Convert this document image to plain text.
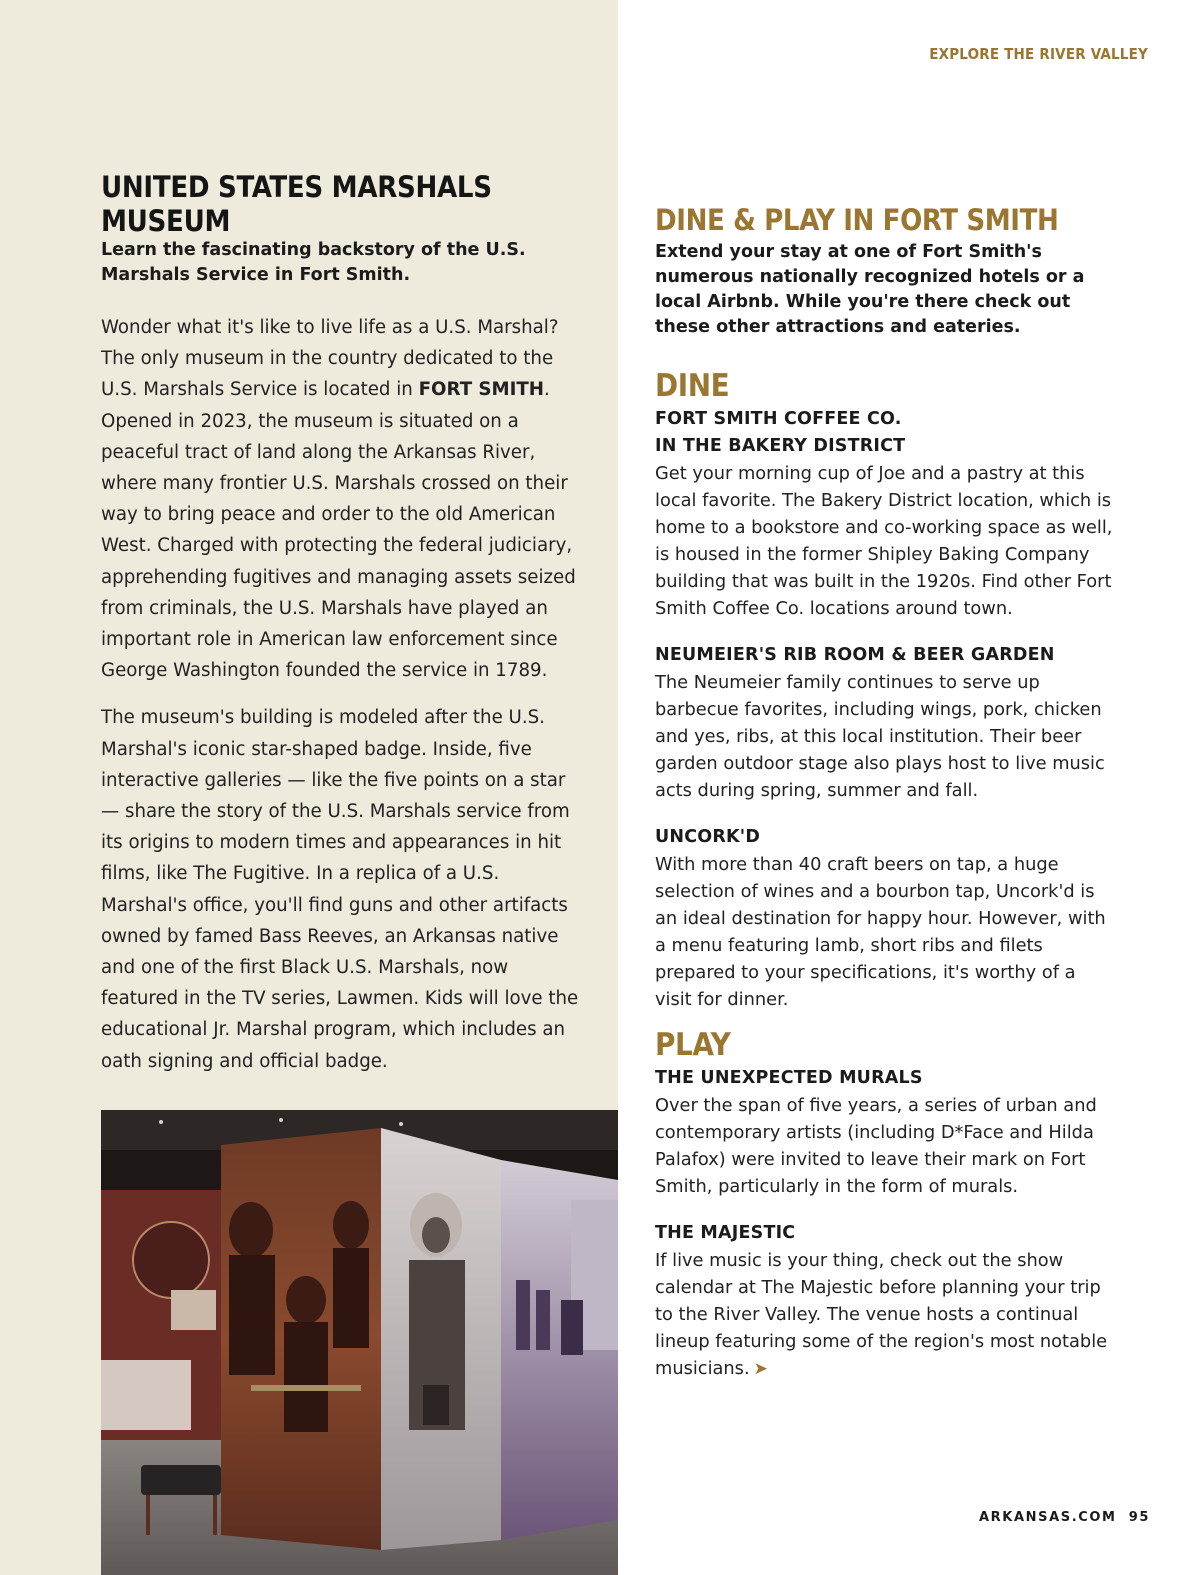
EXPLORE THE RIVER VALLEY
UNITED STATES MARSHALS MUSEUM

Learn the fascinating backstory of the U.S. Marshals Service in Fort Smith.

Wonder what it's like to live life as a U.S. Marshal? The only museum in the country dedicated to the U.S. Marshals Service is located in FORT SMITH. Opened in 2023, the museum is situated on a peaceful tract of land along the Arkansas River, where many frontier U.S. Marshals crossed on their way to bring peace and order to the old American West. Charged with protecting the federal judiciary, apprehending fugitives and managing assets seized from criminals, the U.S. Marshals have played an important role in American law enforcement since George Washington founded the service in 1789.

The museum's building is modeled after the U.S. Marshal's iconic star-shaped badge. Inside, five interactive galleries — like the five points on a star — share the story of the U.S. Marshals service from its origins to modern times and appearances in hit films, like The Fugitive. In a replica of a U.S. Marshal's office, you'll find guns and other artifacts owned by famed Bass Reeves, an Arkansas native and one of the first Black U.S. Marshals, now featured in the TV series, Lawmen. Kids will love the educational Jr. Marshal program, which includes an oath signing and official badge.

DINE & PLAY IN FORT SMITH

Extend your stay at one of Fort Smith's numerous nationally recognized hotels or a local Airbnb. While you're there check out these other attractions and eateries.

DINE
FORT SMITH COFFEE CO.
IN THE BAKERY DISTRICT

Get your morning cup of Joe and a pastry at this local favorite. The Bakery District location, which is home to a bookstore and co-working space as well, is housed in the former Shipley Baking Company building that was built in the 1920s. Find other Fort Smith Coffee Co. locations around town.

NEUMEIER'S RIB ROOM & BEER GARDEN

The Neumeier family continues to serve up barbecue favorites, including wings, pork, chicken and yes, ribs, at this local institution. Their beer garden outdoor stage also plays host to live music acts during spring, summer and fall.

UNCORK'D

With more than 40 craft beers on tap, a huge selection of wines and a bourbon tap, Uncork'd is an ideal destination for happy hour. However, with a menu featuring lamb, short ribs and filets prepared to your specifications, it's worthy of a visit for dinner.

PLAY
THE UNEXPECTED MURALS

Over the span of five years, a series of urban and contemporary artists (including D*Face and Hilda Palafox) were invited to leave their mark on Fort Smith, particularly in the form of murals.

THE MAJESTIC

If live music is your thing, check out the show calendar at The Majestic before planning your trip to the River Valley. The venue hosts a continual lineup featuring some of the region's most notable musicians. ➤

ARKANSAS.COM 95
